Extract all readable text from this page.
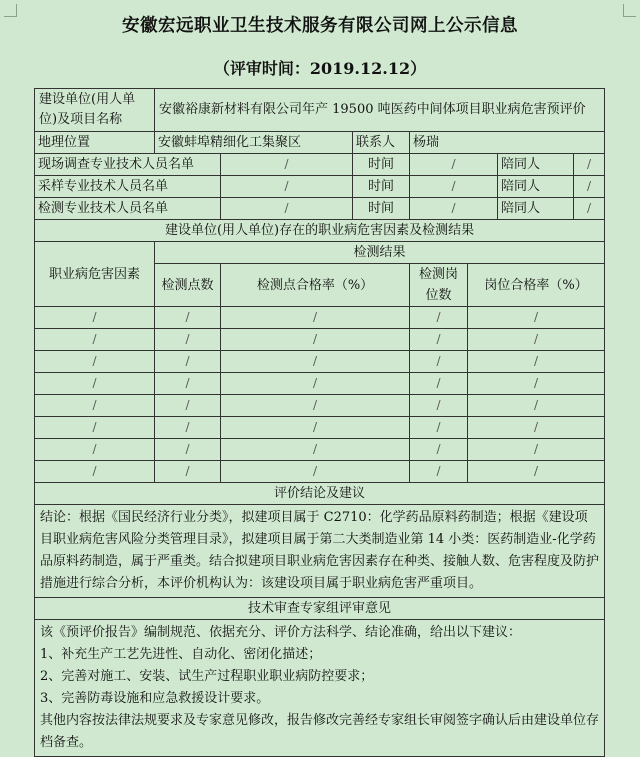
安徽宏远职业卫生技术服务有限公司网上公示信息
（评审时间：2019.12.12）
建设单位(用人单位)及项目名称	安徽裕康新材料有限公司年产 19500 吨医药中间体项目职业病危害预评价						
地理位置	安徽蚌埠精细化工集聚区		联系人	杨瑞			
现场调查专业技术人员名单		/	时间	/		陪同人	/
采样专业技术人员名单		/	时间	/		陪同人	/
检测专业技术人员名单		/	时间	/		陪同人	/
建设单位(用人单位)存在的职业病危害因素及检测结果							
职业病危害因素	检测结果						
	检测点数	检测点合格率（%）		检测岗位数	岗位合格率（%）		
/	/	/		/	/		
/	/	/		/	/		
/	/	/		/	/		
/	/	/		/	/		
/	/	/		/	/		
/	/	/		/	/		
/	/	/		/	/		
/	/	/		/	/		
评价结论及建议							
结论：根据《国民经济行业分类》，拟建项目属于 C2710：化学药品原料药制造；根据《建设项目职业病危害风险分类管理目录》，拟建项目属于第二大类制造业第 14 小类：医药制造业-化学药品原料药制造，属于严重类。结合拟建项目职业病危害因素存在种类、接触人数、危害程度及防护措施进行综合分析，本评价机构认为：该建设项目属于职业病危害严重项目。							
技术审查专家组评审意见							

该《预评价报告》编制规范、依据充分、评价方法科学、结论准确，给出以下建议：
1、补充生产工艺先进性、自动化、密闭化描述；
2、完善对施工、安装、试生产过程职业职业病防控要求；
3、完善防毒设施和应急救援设计要求。
其他内容按法律法规要求及专家意见修改，报告修改完善经专家组长审阅签字确认后由建设单位存档备查。							
